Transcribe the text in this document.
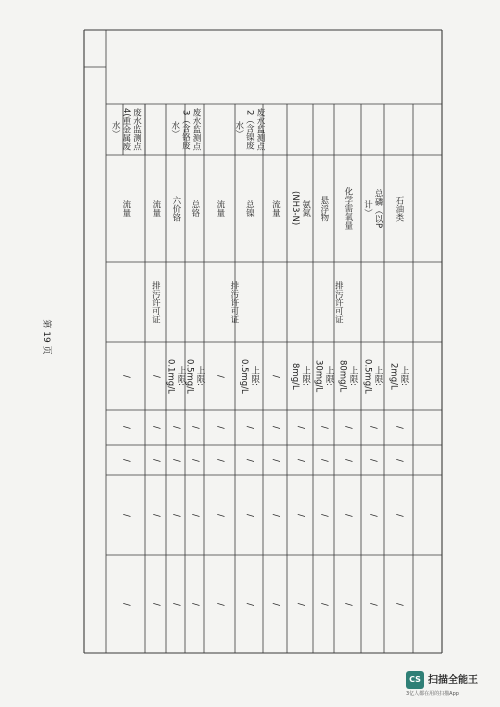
废水监测点
2（含镍废
水）
废水监测点
3（含铬废
水）
废水监测点
4(重金属废
水）
石油类
总磷（以P
计）
化学需氧量
悬浮物
氨氮
(NH3-N)
流量
总镍
流量
总铬
六价铬
流量
流量
排污许可证
排污许可证
排污许可证
上限:
2mg/L
上限:
0.5mg/L
上限:
80mg/L
上限:
30mg/L
上限:
8mg/L
/
上限:
0.5mg/L
/
上限:
0.5mg/L
上限:
0.1mg/L
/
/
/
/
/
/
/
/
/
/
/
/
/
/
/
/
/
/
/
/
/
/
/
/
/
/
/
/
/
/
/
/
/
/
/
/
/
/
/
/
/
/
/
/
/
/
/
/
/
/
第 19 页
CS 扫描全能王
3亿人都在用的扫描App
